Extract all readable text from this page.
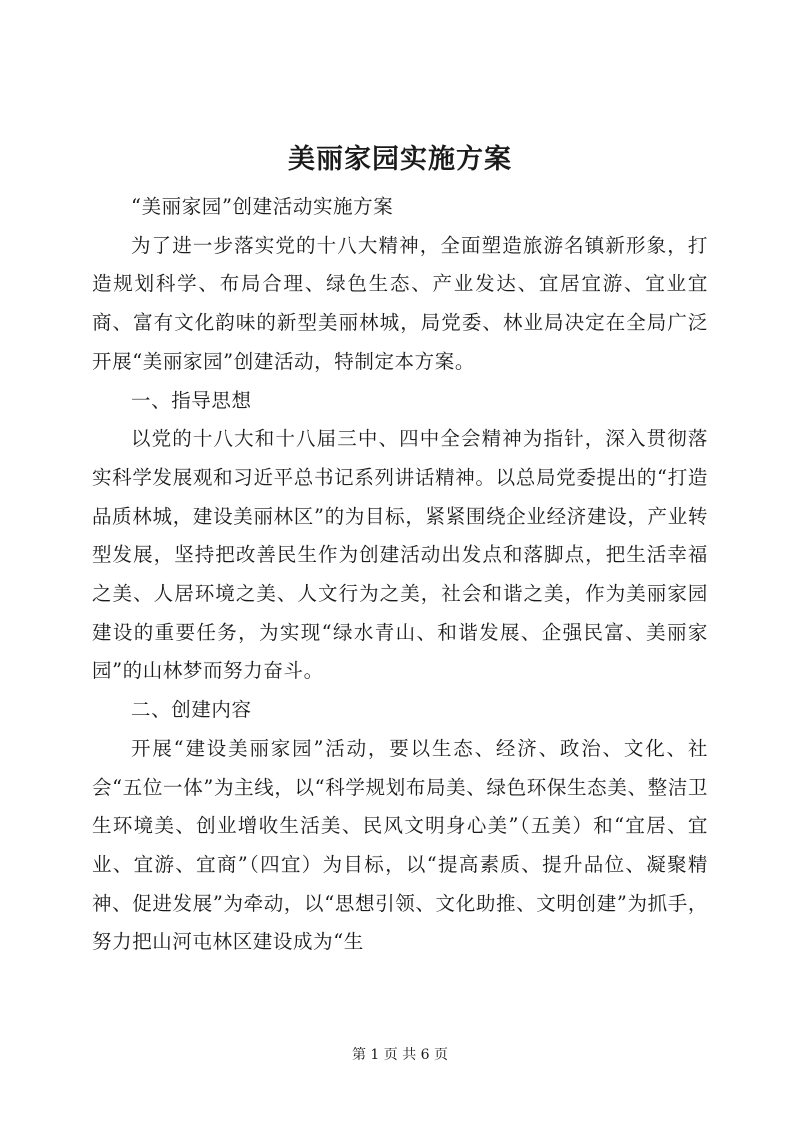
美丽家园实施方案

“美丽家园”创建活动实施方案

为了进一步落实党的十八大精神，全面塑造旅游名镇新形象，打造规划科学、布局合理、绿色生态、产业发达、宜居宜游、宜业宜商、富有文化韵味的新型美丽林城，局党委、林业局决定在全局广泛开展“美丽家园”创建活动，特制定本方案。

一、指导思想

以党的十八大和十八届三中、四中全会精神为指针，深入贯彻落实科学发展观和习近平总书记系列讲话精神。以总局党委提出的“打造品质林城，建设美丽林区”的为目标，紧紧围绕企业经济建设，产业转型发展，坚持把改善民生作为创建活动出发点和落脚点，把生活幸福之美、人居环境之美、人文行为之美，社会和谐之美，作为美丽家园建设的重要任务，为实现“绿水青山、和谐发展、企强民富、美丽家园”的山林梦而努力奋斗。

二、创建内容

开展“建设美丽家园”活动，要以生态、经济、政治、文化、社会“五位一体”为主线，以“科学规划布局美、绿色环保生态美、整洁卫生环境美、创业增收生活美、民风文明身心美”（五美）和“宜居、宜业、宜游、宜商”（四宜）为目标，以“提高素质、提升品位、凝聚精神、促进发展”为牵动，以“思想引领、文化助推、文明创建”为抓手，努力把山河屯林区建设成为“生

第 1 页 共 6 页
